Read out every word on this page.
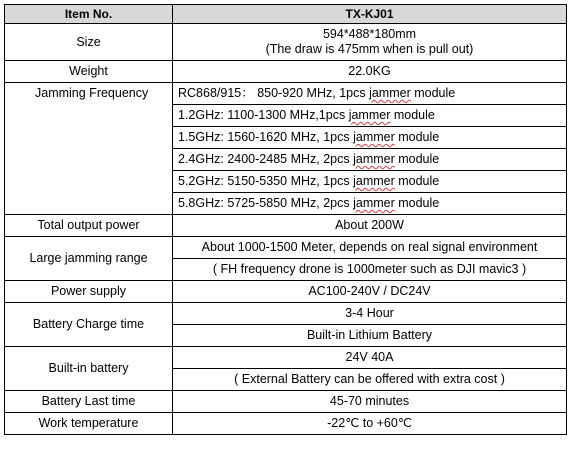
Item No.	TX-KJ01
Size	594*488*180mm
(The draw is 475mm when is pull out)

Weight	22.0KG
Jamming Frequency	RC868/915： 850-920 MHz, 1pcs jammer module
	1.2GHz: 1100-1300 MHz,1pcs jammer module
	1.5GHz: 1560-1620 MHz, 1pcs jammer module
	2.4GHz: 2400-2485 MHz, 2pcs jammer module
	5.2GHz: 5150-5350 MHz, 1pcs jammer module
	5.8GHz: 5725-5850 MHz, 2pcs jammer module
Total output power	About 200W
Large jamming range	About 1000-1500 Meter, depends on real signal environment
	( FH frequency drone is 1000meter such as DJI mavic3 )
Power supply	AC100-240V / DC24V
Battery Charge time	3-4 Hour
	Built-in Lithium Battery
Built-in battery	24V 40A
	( External Battery can be offered with extra cost )
Battery Last time	45-70 minutes
Work temperature	-22℃ to +60℃
